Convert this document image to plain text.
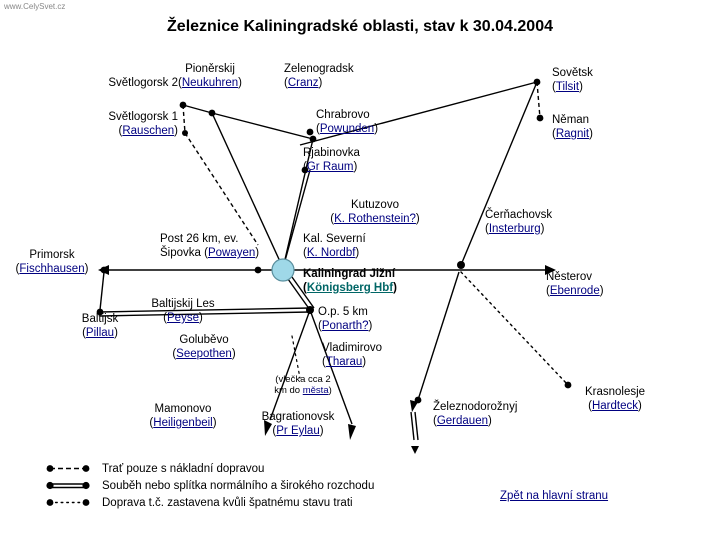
www.CelySvet.cz
Železnice Kaliningradské oblasti, stav k 30.04.2004
Světlogorsk 2
Pioněrskij
(Neukuhren)
Zelenogradsk
(Cranz)
Sovětsk
(Tilsit)
Světlogorsk 1
(Rauschen)
Chrabrovo
(Powunden)
Něman
(Ragnit)
Rjabinovka
(Gr Raum)
Kutuzovo
(K. Rothenstein?)	Čerňachovsk
(Insterburg)
Post 26 km, ev.
Šipovka (Powayen)
Kal. Severní
(K. Nordbf)
Primorsk
(Fischhausen)	Kaliningrad Jižní
(Königsberg Hbf)
Něsterov
(Ebenrode)
Baltijskij Les
(Peyse)	O.p. 5 km
(Ponarth?)
Baltijsk
(Pillau)
Goluběvo
(Seepothen)	Vladimirovo
(Tharau)
(vlečka cca 2
km do města)	Krasnolesje
(Hardteck)
Mamonovo
(Heiligenbeil)	Bagrationovsk
(Pr Eylau)
Železnodorožnyj
(Gerdauen)
Trať pouze s nákladní dopravou
Souběh nebo splítka normálního a širokého rozchodu
Doprava t.č. zastavena kvůli špatnému stavu trati
Zpět na hlavní stranu
